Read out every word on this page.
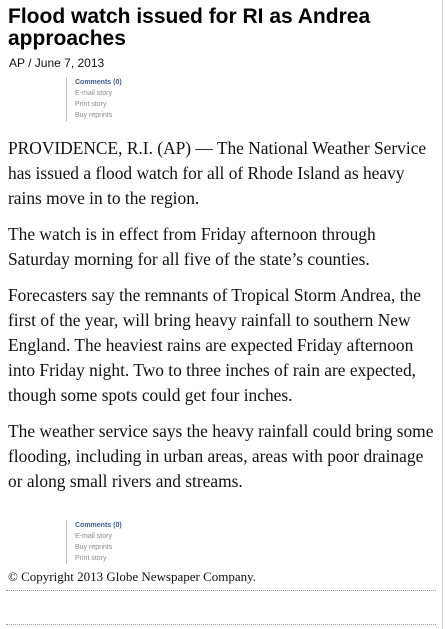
Flood watch issued for RI as Andrea approaches
AP / June 7, 2013
Comments (0)
E-mail story
Print story
Buy reprints

PROVIDENCE, R.I. (AP) — The National Weather Service has issued a flood watch for all of Rhode Island as heavy rains move in to the region.

The watch is in effect from Friday afternoon through Saturday morning for all five of the state’s counties.

Forecasters say the remnants of Tropical Storm Andrea, the first of the year, will bring heavy rainfall to southern New England. The heaviest rains are expected Friday afternoon into Friday night. Two to three inches of rain are expected, though some spots could get four inches.

The weather service says the heavy rainfall could bring some flooding, including in urban areas, areas with poor drainage or along small rivers and streams.

Comments (0)
E-mail story
Buy reprints
Print story
© Copyright 2013 Globe Newspaper Company.
